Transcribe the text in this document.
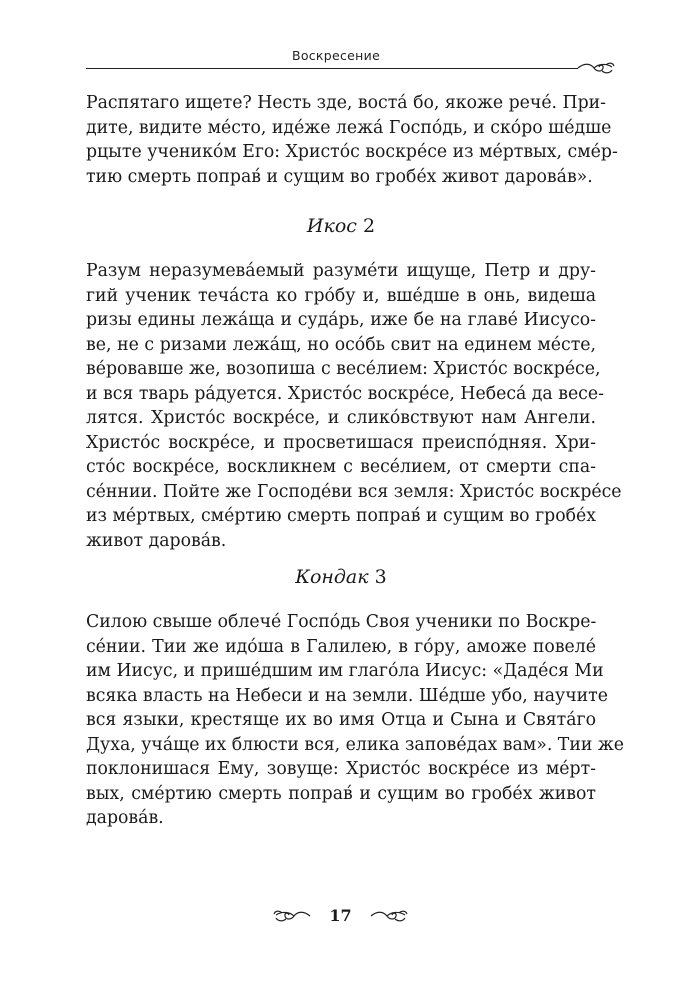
Воскресение

Распятаго ищете? Несть зде, востá бо, якоже речé. При-
дите, видите мéсто, идéже лежá Госпóдь, и скóро шéдше
рцыте ученикóм Его: Христóс воскрéсе из мéртвых, смéр-
тию смерть поправ́ и сущим во гробéх живот даровáв».

Икос 2

Разум неразумевáемый разумéти ищуще, Петр и дру-
гий ученик течáста ко грóбу и, вшéдше в онь, видеша
ризы едины лежáща и судáрь, иже бе на главé Иисусо-
ве, не с ризами лежáщ, но осóбь свит на единем мéсте,
вéровавше же, возопиша с весéлием: Христóс воскрéсе,
и вся тварь рáдуется. Христóс воскрéсе, Небесá да весе-
лятся. Христóс воскрéсе, и сликóвствуют нам Ангели.
Христóс воскрéсе, и просветишася преиспóдняя. Хри-
стóс воскрéсе, воскликнем с весéлием, от смерти спа-
сéннии. Пойте же Господéви вся земля: Христóс воскрéсе
из мéртвых, смéртию смерть поправ́ и сущим во гробéх
живот даровáв.

Кондак 3

Силою свыше облечé Госпóдь Своя ученики по Воскре-
сéнии. Тии же идóша в Галилею, в гóру, аможе повелé
им Иисус, и пришéдшим им глагóла Иисус: «Дадéся Ми
всяка власть на Небеси и на земли. Шéдше убо, научите
вся языки, крестяще их во имя Отца и Сына и Святáго
Духа, учáще их блюсти вся, елика заповéдах вам». Тии же
поклонишася Ему, зовуще: Христóс воскрéсе из мéрт-
вых, смéртию смерть поправ́ и сущим во гробéх живот
даровáв.

17
